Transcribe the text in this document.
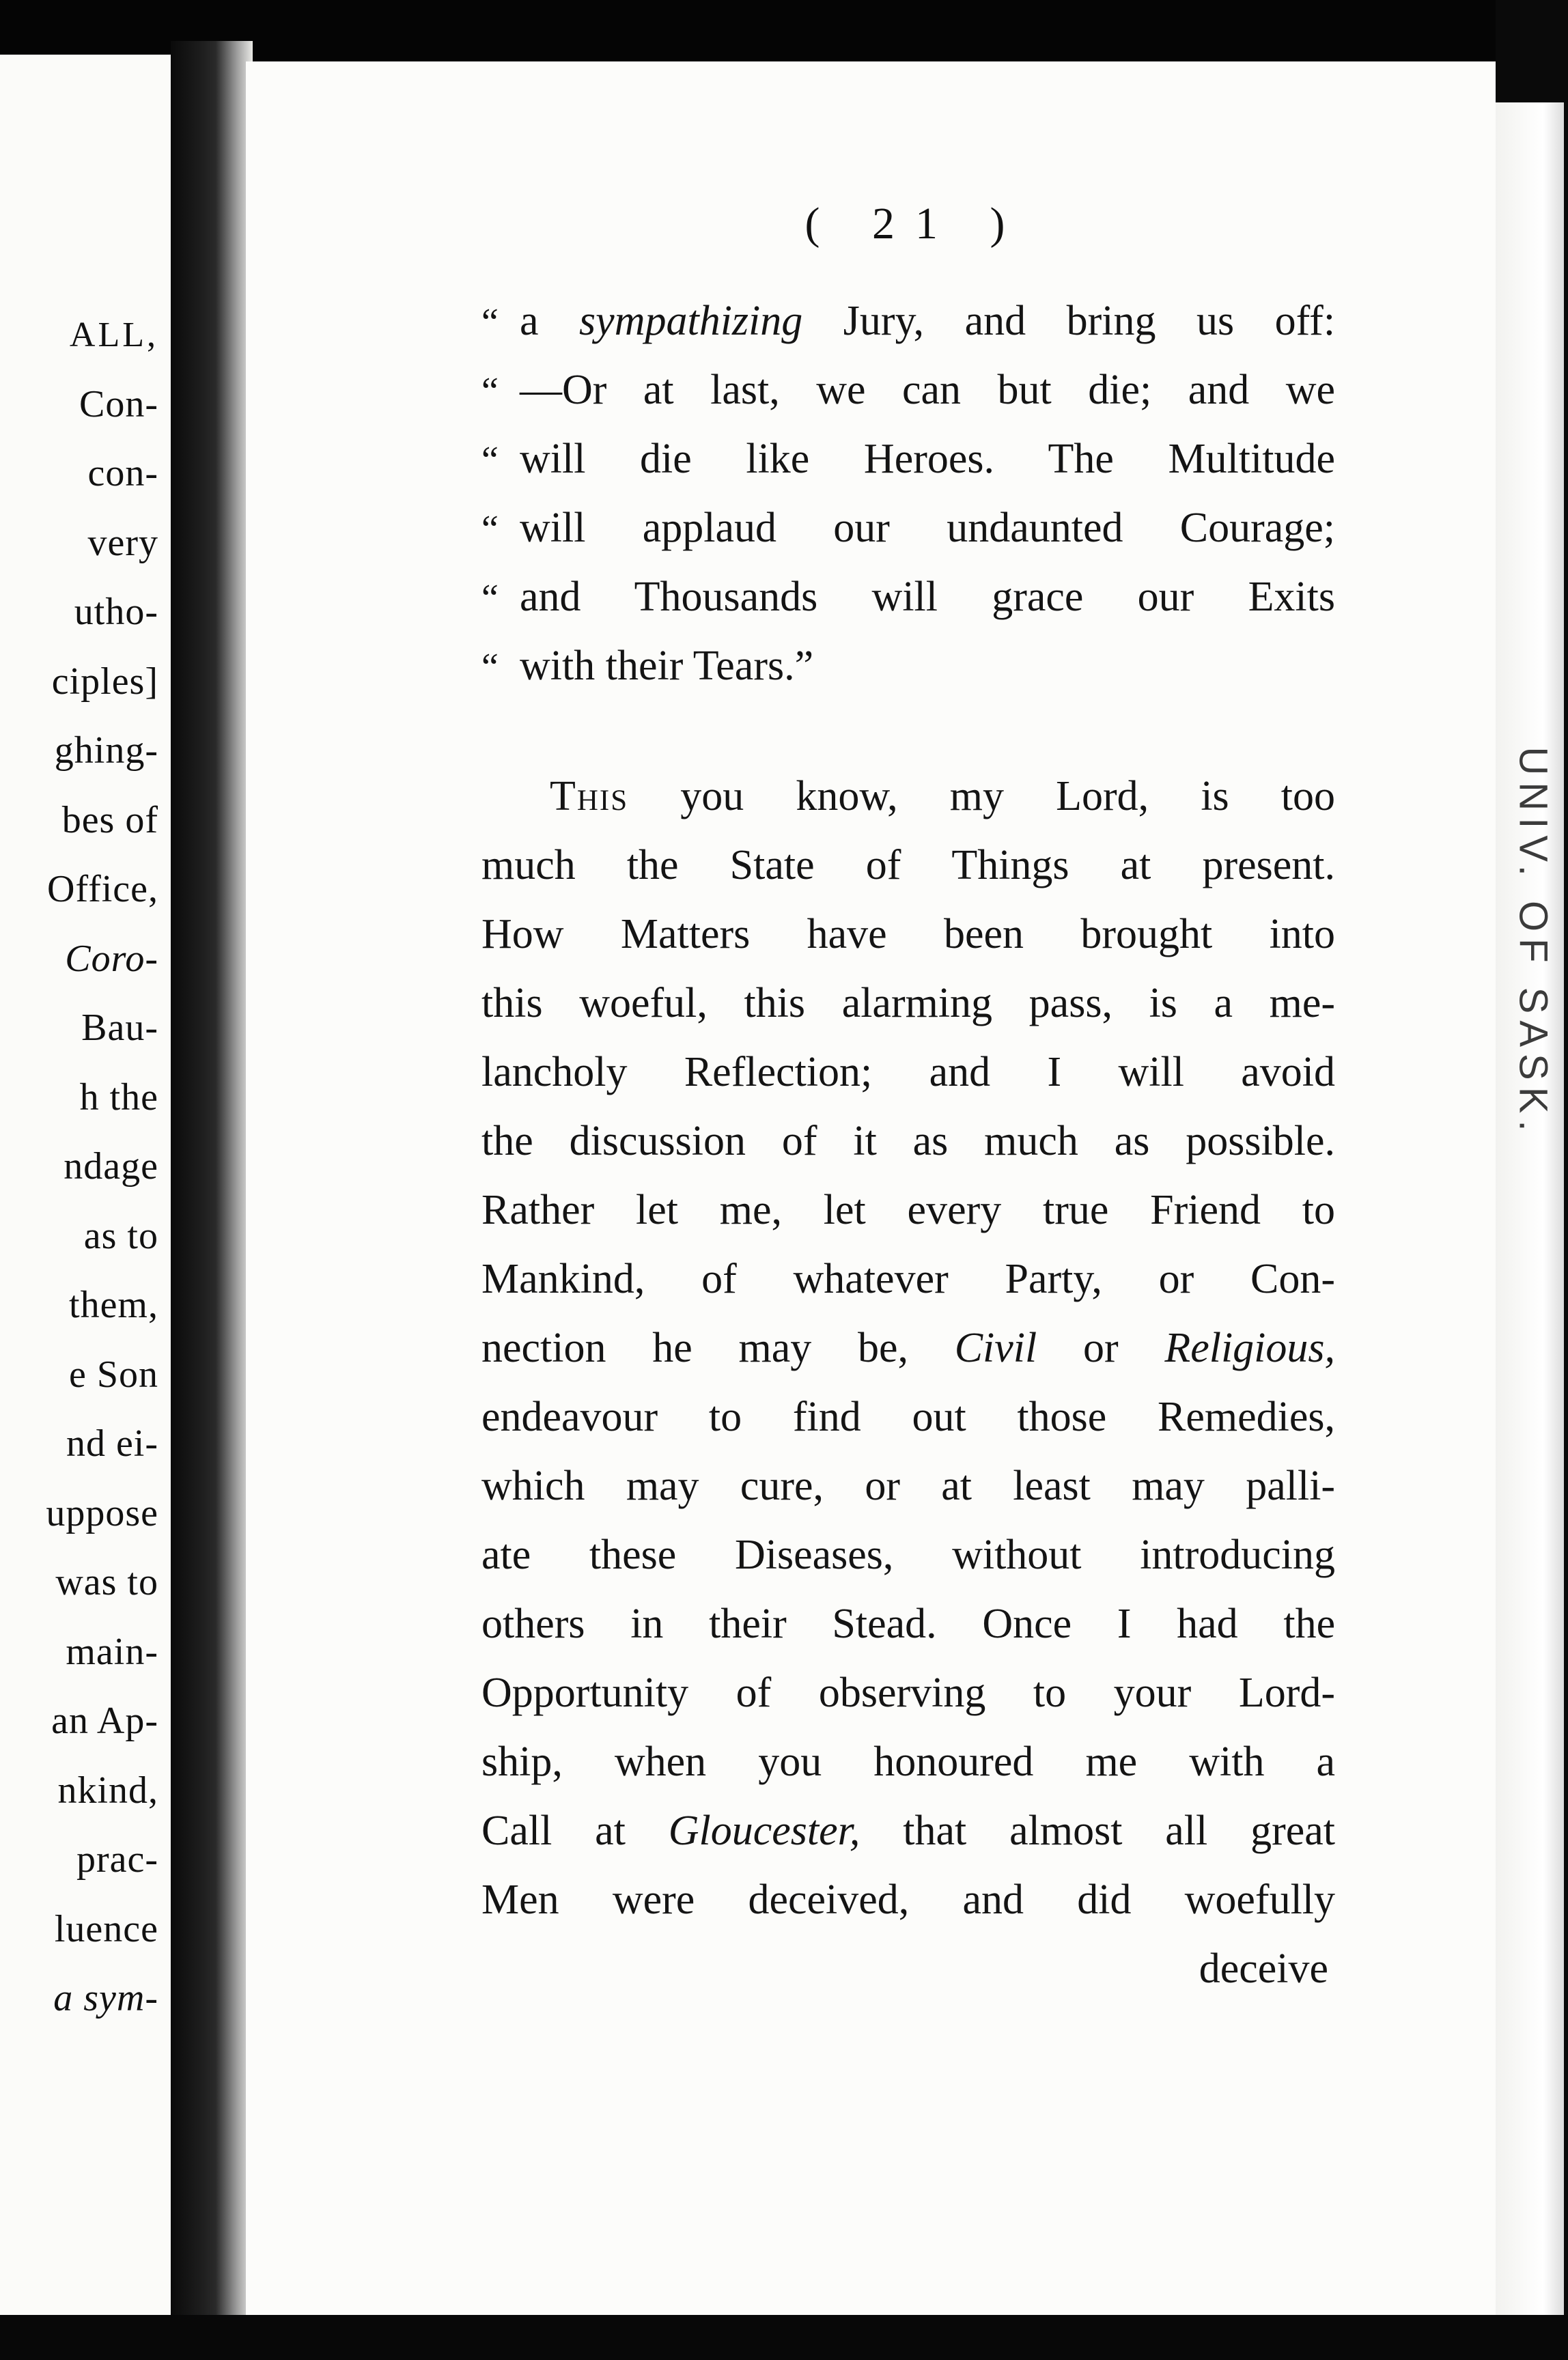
ALL,
Con-
con-
very
utho-
ciples]
ghing-
bes of
Office,
Coro-
Bau-
h the
ndage
as to
them,
e Son
nd ei-
uppose
was to
main-
an Ap-
nkind,
prac-
luence
a sym-
( 21 )
“ a sympathizing Jury, and bring us off:
“ —Or at last, we can but die; and we
“ will die like Heroes. The Multitude
“ will applaud our undaunted Courage;
“ and Thousands will grace our Exits
“ with their Tears.”
This you know, my Lord, is too
much the State of Things at present.
How Matters have been brought into
this woeful, this alarming pass, is a me-
lancholy Reflection; and I will avoid
the discussion of it as much as possible.
Rather let me, let every true Friend to
Mankind, of whatever Party, or Con-
nection he may be, Civil or Religious,
endeavour to find out those Remedies,
which may cure, or at least may palli-
ate these Diseases, without introducing
others in their Stead. Once I had the
Opportunity of observing to your Lord-
ship, when you honoured me with a
Call at Gloucester, that almost all great
Men were deceived, and did woefully
deceive
UNIV. OF SASK.
